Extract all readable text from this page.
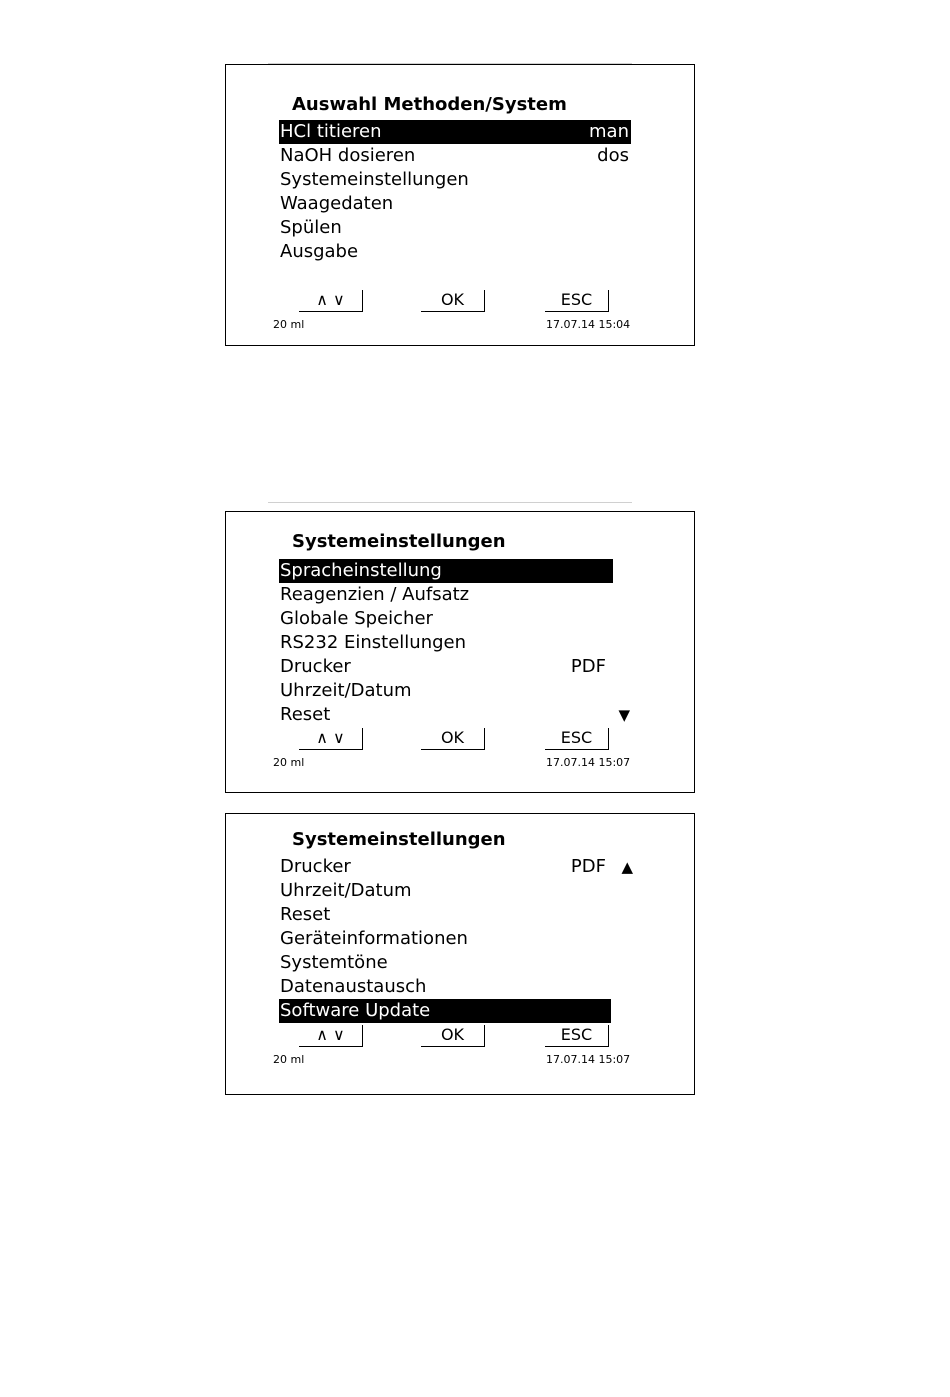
Auswahl Methoden/System
HCl titieren	man
NaOH dosieren	dos
Systemeinstellungen
Waagedaten
Spülen
Ausgabe
∧ ∨	OK	ESC
20 ml	17.07.14 15:04
Systemeinstellungen
Spracheinstellung
Reagenzien / Aufsatz
Globale Speicher
RS232 Einstellungen
Drucker	PDF
Uhrzeit/Datum
Reset	▼
∧ ∨	OK	ESC
20 ml	17.07.14 15:07
Systemeinstellungen
Drucker	PDF ▲
Uhrzeit/Datum
Reset
Geräteinformationen
Systemtöne
Datenaustausch
Software Update
∧ ∨	OK	ESC
20 ml	17.07.14 15:07
